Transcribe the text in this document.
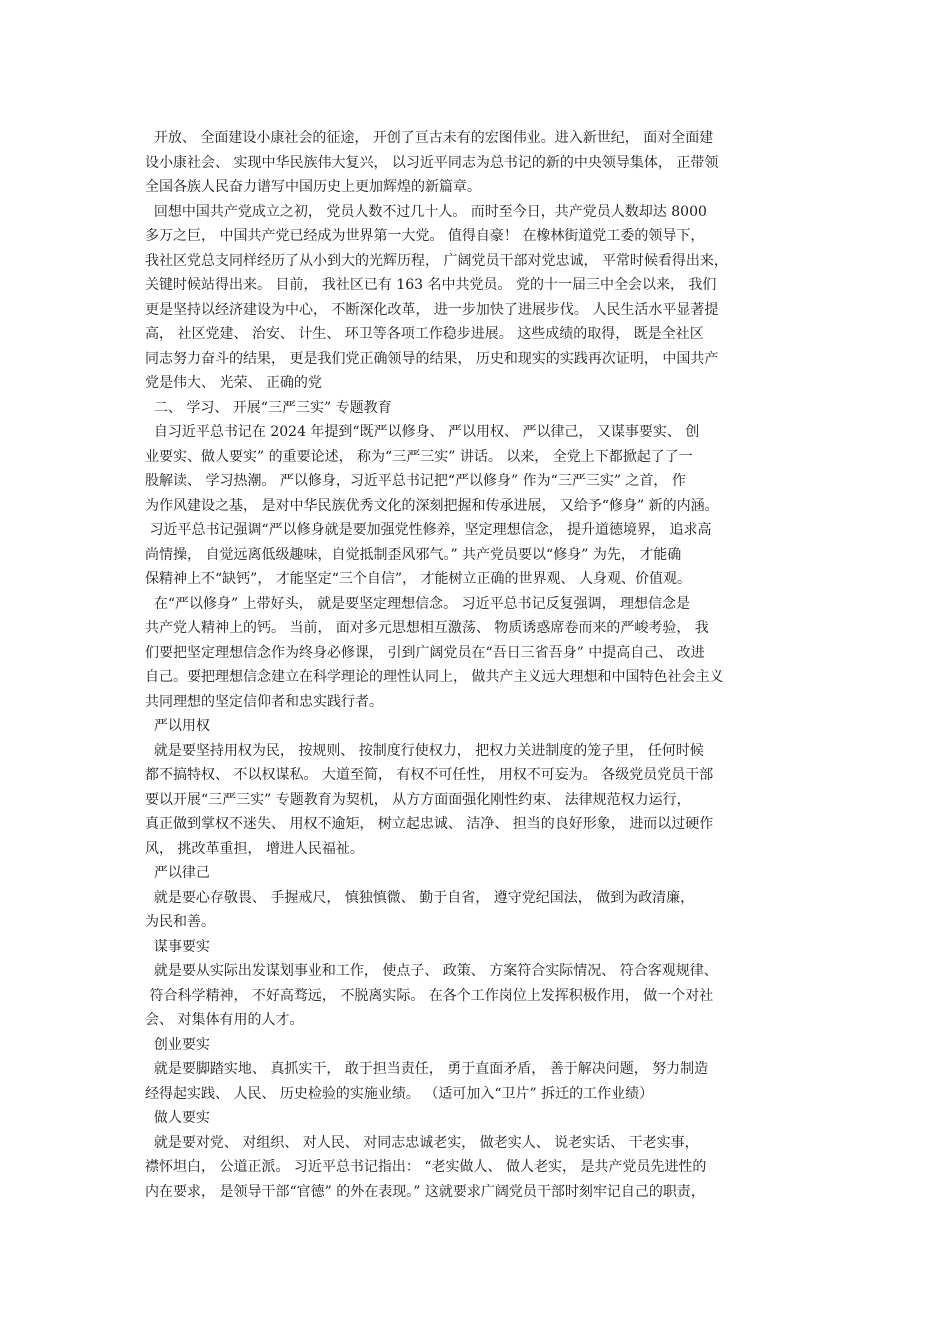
开放、 全面建设小康社会的征途， 开创了亘古未有的宏图伟业。进入新世纪， 面对全面建
设小康社会、 实现中华民族伟大复兴， 以习近平同志为总书记的新的中央领导集体， 正带领
全国各族人民奋力谱写中国历史上更加辉煌的新篇章。
回想中国共产党成立之初， 党员人数不过几十人。 而时至今日，共产党员人数却达 8000
多万之巨， 中国共产党已经成为世界第一大党。 值得自豪！ 在橡林街道党工委的领导下，
我社区党总支同样经历了从小到大的光辉历程， 广阔党员干部对党忠诚， 平常时候看得出来，
关键时候站得出来。 目前， 我社区已有 163 名中共党员。 党的十一届三中全会以来， 我们
更是坚持以经济建设为中心， 不断深化改革， 进一步加快了进展步伐。 人民生活水平显著提
高， 社区党建、 治安、 计生、 环卫等各项工作稳步进展。 这些成绩的取得， 既是全社区
同志努力奋斗的结果， 更是我们党正确领导的结果， 历史和现实的实践再次证明， 中国共产
党是伟大、 光荣、 正确的党
二、 学习、 开展“三严三实” 专题教育
自习近平总书记在 2024 年提到“既严以修身、 严以用权、 严以律己， 又谋事要实、 创
业要实、做人要实” 的重要论述， 称为“三严三实” 讲话。 以来， 全党上下都掀起了了一
股解读、 学习热潮。 严以修身，习近平总书记把“严以修身” 作为“三严三实” 之首， 作
为作风建设之基， 是对中华民族优秀文化的深刻把握和传承进展， 又给予“修身” 新的内涵。
习近平总书记强调“严以修身就是要加强党性修养，坚定理想信念， 提升道德境界， 追求高
尚情操， 自觉远离低级趣味，自觉抵制歪风邪气。” 共产党员要以“修身” 为先， 才能确
保精神上不“缺钙”， 才能坚定“三个自信”， 才能树立正确的世界观、 人身观、价值观。
在“严以修身” 上带好头， 就是要坚定理想信念。 习近平总书记反复强调， 理想信念是
共产党人精神上的钙。 当前， 面对多元思想相互激荡、 物质诱惑席卷而来的严峻考验， 我
们要把坚定理想信念作为终身必修课， 引到广阔党员在“吾日三省吾身” 中提高自己、 改进
自己。要把理想信念建立在科学理论的理性认同上， 做共产主义远大理想和中国特色社会主义
共同理想的坚定信仰者和忠实践行者。
严以用权
就是要坚持用权为民， 按规则、 按制度行使权力， 把权力关进制度的笼子里， 任何时候
都不搞特权、 不以权谋私。 大道至简， 有权不可任性， 用权不可妄为。 各级党员党员干部
要以开展“三严三实” 专题教育为契机， 从方方面面强化刚性约束、 法律规范权力运行，
真正做到掌权不迷失、 用权不逾矩， 树立起忠诚、 洁净、 担当的良好形象， 进而以过硬作
风， 挑改革重担， 增进人民福祉。
严以律己
就是要心存敬畏、 手握戒尺， 慎独慎微、 勤于自省， 遵守党纪国法， 做到为政清廉，
为民和善。
谋事要实
就是要从实际出发谋划事业和工作， 使点子、 政策、 方案符合实际情况、 符合客观规律、
符合科学精神， 不好高骛远， 不脱离实际。 在各个工作岗位上发挥积极作用， 做一个对社
会、 对集体有用的人才。
创业要实
就是要脚踏实地、 真抓实干， 敢于担当责任， 勇于直面矛盾， 善于解决问题， 努力制造
经得起实践、 人民、 历史检验的实施业绩。 （适可加入“卫片” 拆迁的工作业绩）
做人要实
就是要对党、 对组织、 对人民、 对同志忠诚老实， 做老实人、 说老实话、 干老实事，
襟怀坦白， 公道正派。 习近平总书记指出： “老实做人、 做人老实， 是共产党员先进性的
内在要求， 是领导干部“官德” 的外在表现。” 这就要求广阔党员干部时刻牢记自己的职责，
